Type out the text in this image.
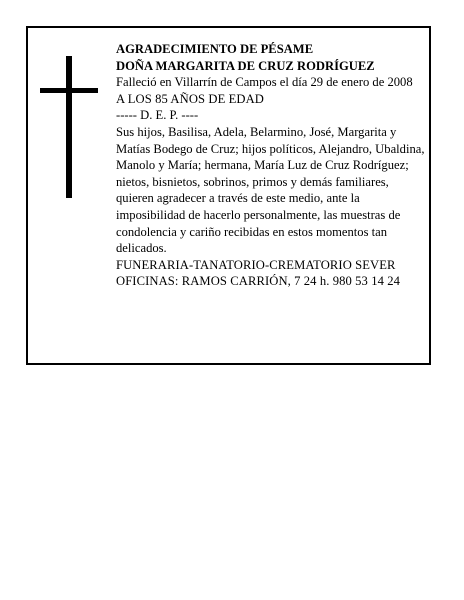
AGRADECIMIENTO DE PÉSAME

DOÑA MARGARITA DE CRUZ RODRÍGUEZ

Falleció en Villarrín de Campos el día 29 de enero de 2008

A LOS 85 AÑOS DE EDAD

----- D. E. P. ----

Sus hijos, Basilisa, Adela, Belarmino, José, Margarita y Matías Bodego de Cruz; hijos políticos, Alejandro, Ubaldina, Manolo y María; hermana, María Luz de Cruz Rodríguez; nietos, bisnietos, sobrinos, primos y demás familiares, quieren agradecer a través de este medio, ante la imposibilidad de hacerlo personalmente, las muestras de condolencia y cariño recibidas en estos momentos tan delicados.

FUNERARIA-TANATORIO-CREMATORIO SEVER

OFICINAS: RAMOS CARRIÓN, 7 24 h. 980 53 14 24
